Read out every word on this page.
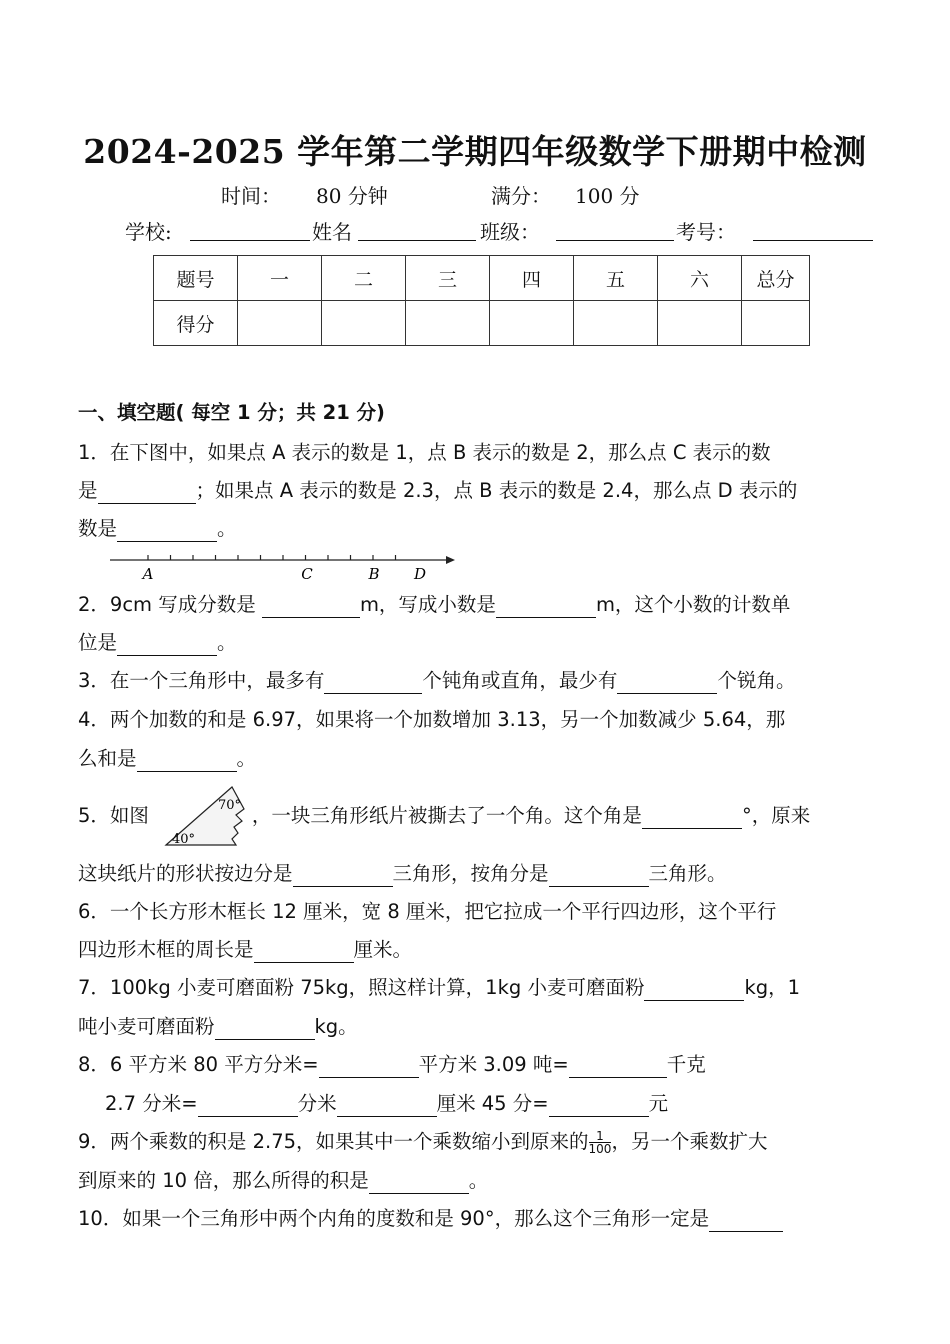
2024-2025 学年第二学期四年级数学下册期中检测
时间： 80 分钟	满分： 100 分
学校:	姓名	班级：	考号：
题号	一	二	三	四	五	六	总分
得分							
一、填空题( 每空 1 分；共 21 分)
1．在下图中，如果点 A 表示的数是 1，点 B 表示的数是 2，那么点 C 表示的数
是	；如果点 A 表示的数是 2.3，点 B 表示的数是 2.4，那么点 D 表示的
数是	。
A	C	B D
2．9cm 写成分数是	m，写成小数是	m，这个小数的计数单
位是	。
3．在一个三角形中，最多有	个钝角或直角，最少有	个锐角。
4．两个加数的和是 6.97，如果将一个加数增加 3.13，另一个加数减少 5.64，那
么和是	。
5．如图	，一块三角形纸片被撕去了一个角。这个角是	°，原来
70°
40°
这块纸片的形状按边分是	三角形，按角分是	三角形。
6．一个长方形木框长 12 厘米，宽 8 厘米，把它拉成一个平行四边形，这个平行
四边形木框的周长是	厘米。
7．100kg 小麦可磨面粉 75kg，照这样计算，1kg 小麦可磨面粉	kg，1
吨小麦可磨面粉	kg。
8．6 平方米 80 平方分米=	平方米 3.09 吨=	千克
2.7 分米=	分米	厘米 45 分=	元
9．两个乘数的积是 2.75，如果其中一个乘数缩小到原来的 $\frac{1}{100}$ ，另一个乘数扩大
到原来的 10 倍，那么所得的积是	。
10．如果一个三角形中两个内角的度数和是 90°，那么这个三角形一定是
